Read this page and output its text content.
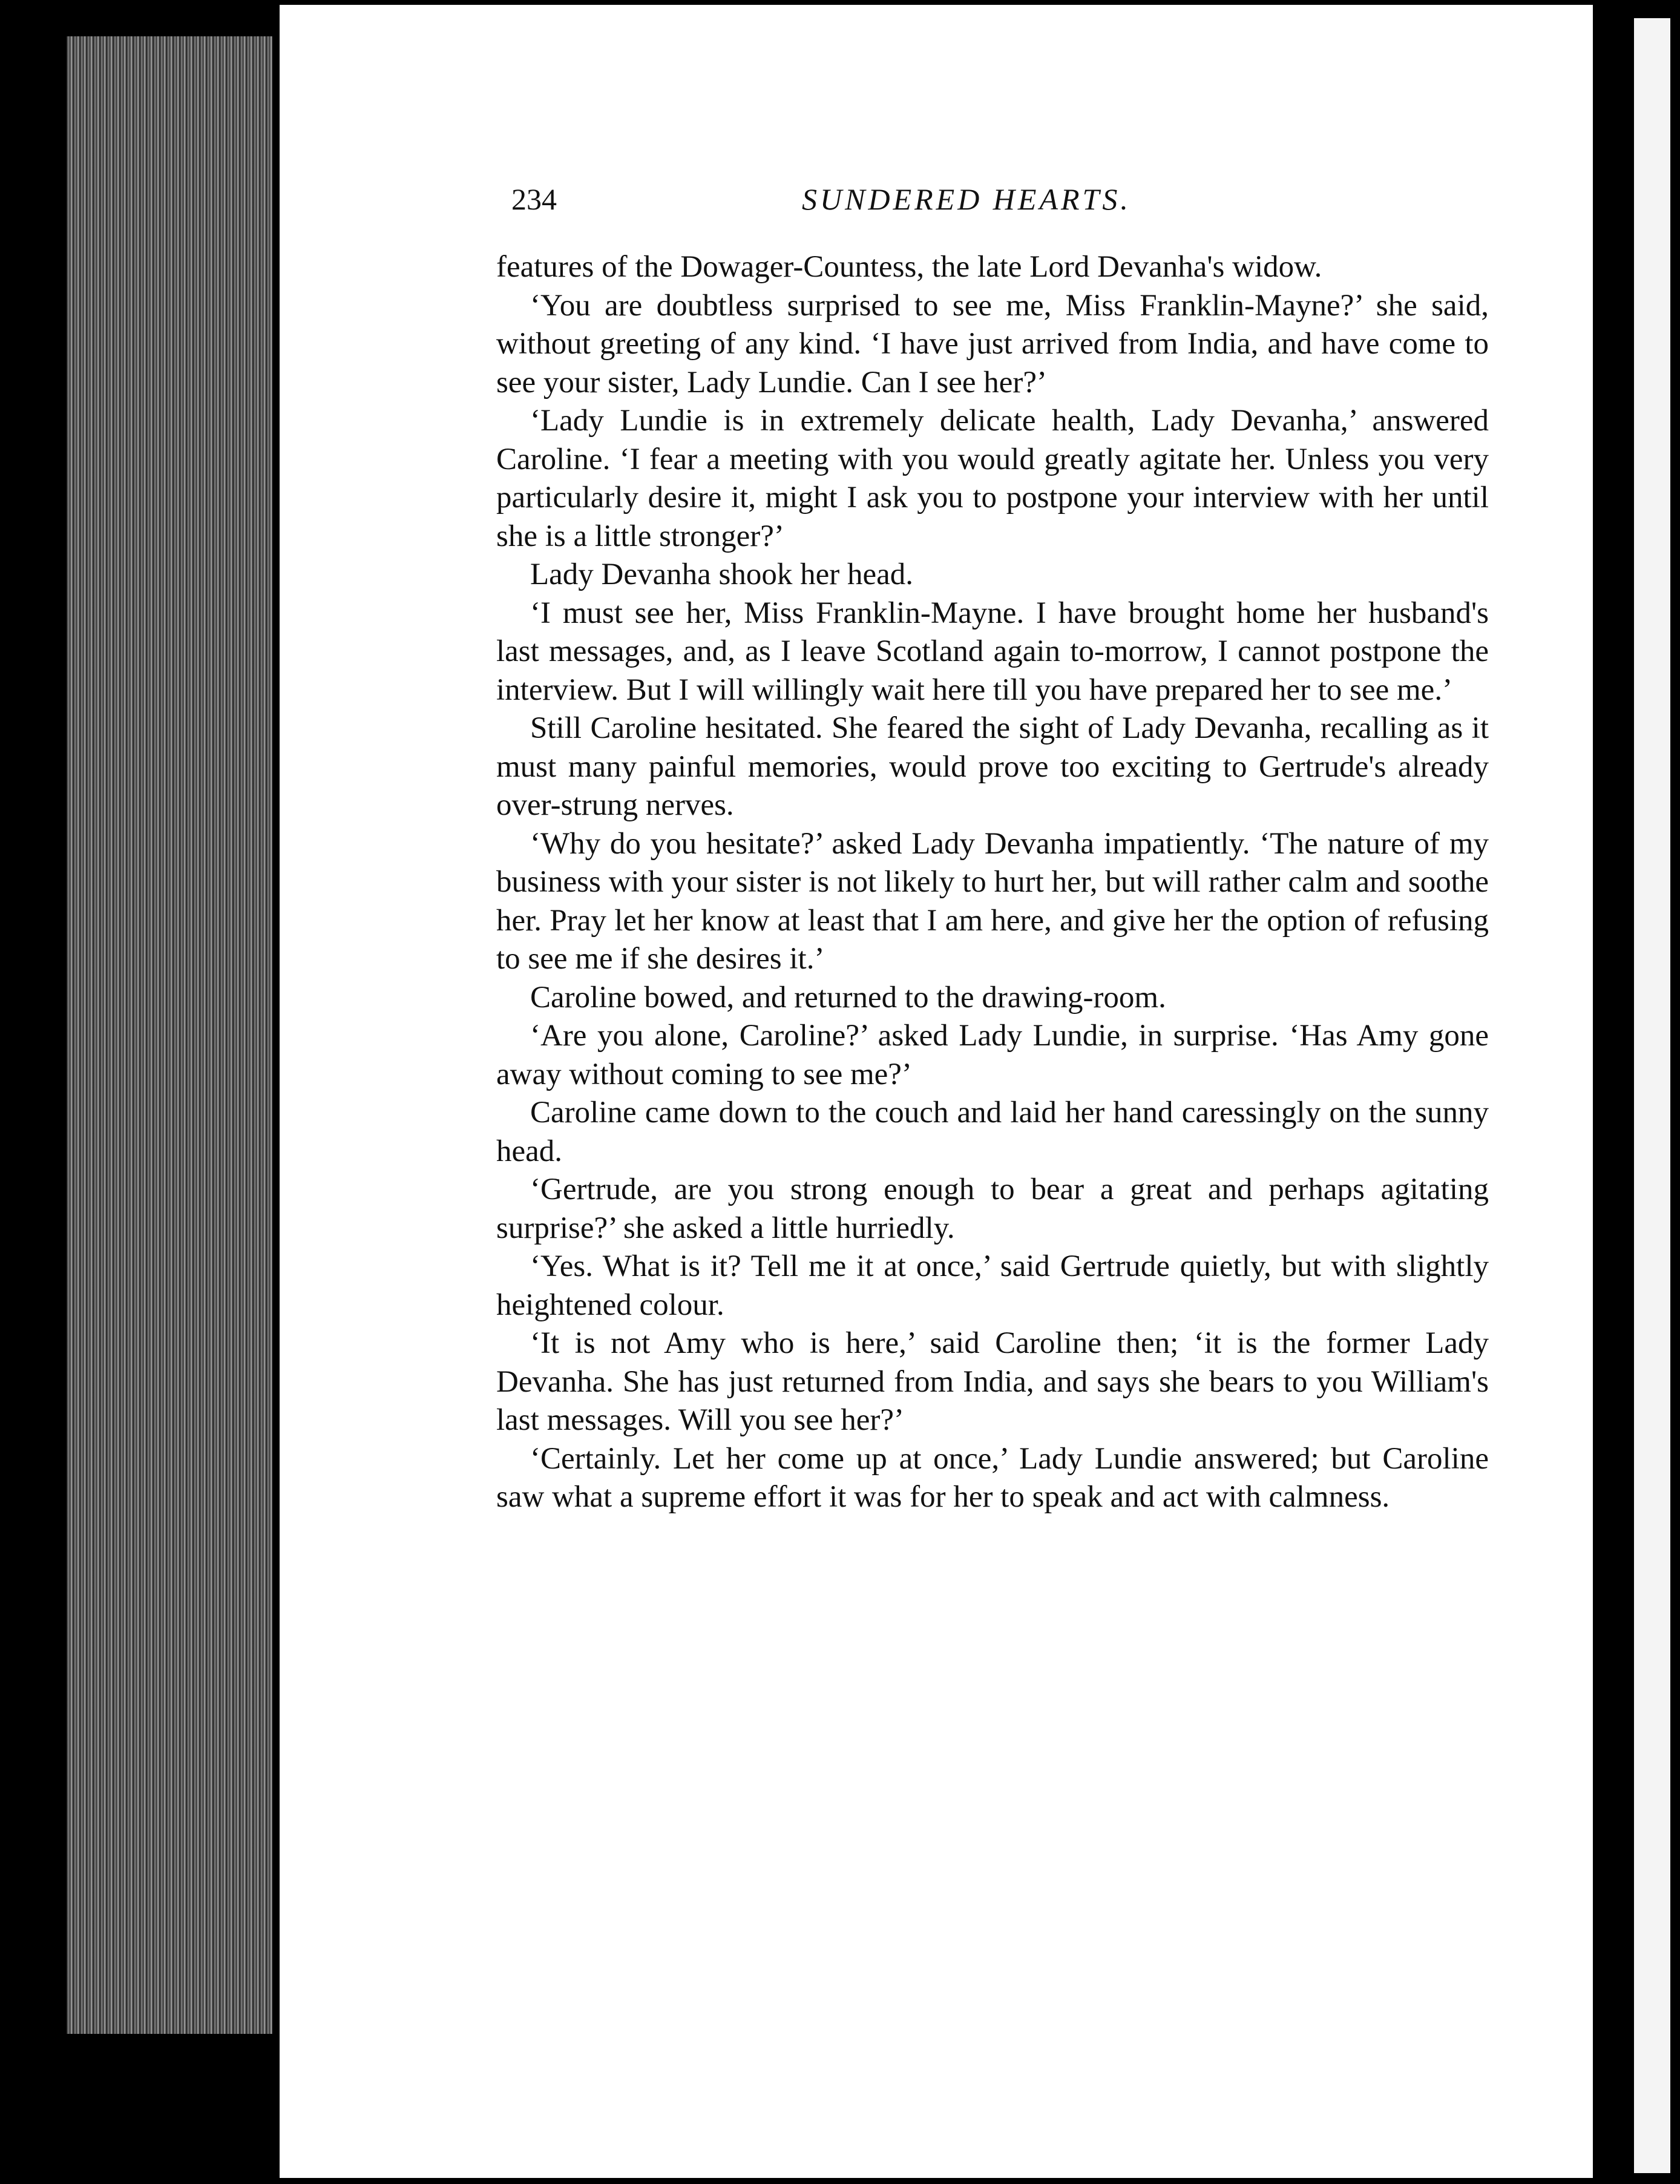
234	SUNDERED HEARTS.

features of the Dowager-Countess, the late Lord Devanha's widow.

‘You are doubtless surprised to see me, Miss Franklin-Mayne?’ she said, without greeting of any kind. ‘I have just arrived from India, and have come to see your sister, Lady Lundie. Can I see her?’

‘Lady Lundie is in extremely delicate health, Lady Devanha,’ answered Caroline. ‘I fear a meeting with you would greatly agitate her. Unless you very particularly desire it, might I ask you to postpone your interview with her until she is a little stronger?’

Lady Devanha shook her head.

‘I must see her, Miss Franklin-Mayne. I have brought home her husband's last messages, and, as I leave Scotland again to-morrow, I cannot postpone the interview. But I will willingly wait here till you have prepared her to see me.’

Still Caroline hesitated. She feared the sight of Lady Devanha, recalling as it must many painful memories, would prove too exciting to Gertrude's already over-strung nerves.

‘Why do you hesitate?’ asked Lady Devanha impatiently. ‘The nature of my business with your sister is not likely to hurt her, but will rather calm and soothe her. Pray let her know at least that I am here, and give her the option of refusing to see me if she desires it.’

Caroline bowed, and returned to the drawing-room.

‘Are you alone, Caroline?’ asked Lady Lundie, in surprise. ‘Has Amy gone away without coming to see me?’

Caroline came down to the couch and laid her hand caressingly on the sunny head.

‘Gertrude, are you strong enough to bear a great and perhaps agitating surprise?’ she asked a little hurriedly.

‘Yes. What is it? Tell me it at once,’ said Gertrude quietly, but with slightly heightened colour.

‘It is not Amy who is here,’ said Caroline then; ‘it is the former Lady Devanha. She has just returned from India, and says she bears to you William's last messages. Will you see her?’

‘Certainly. Let her come up at once,’ Lady Lundie answered; but Caroline saw what a supreme effort it was for her to speak and act with calmness.
